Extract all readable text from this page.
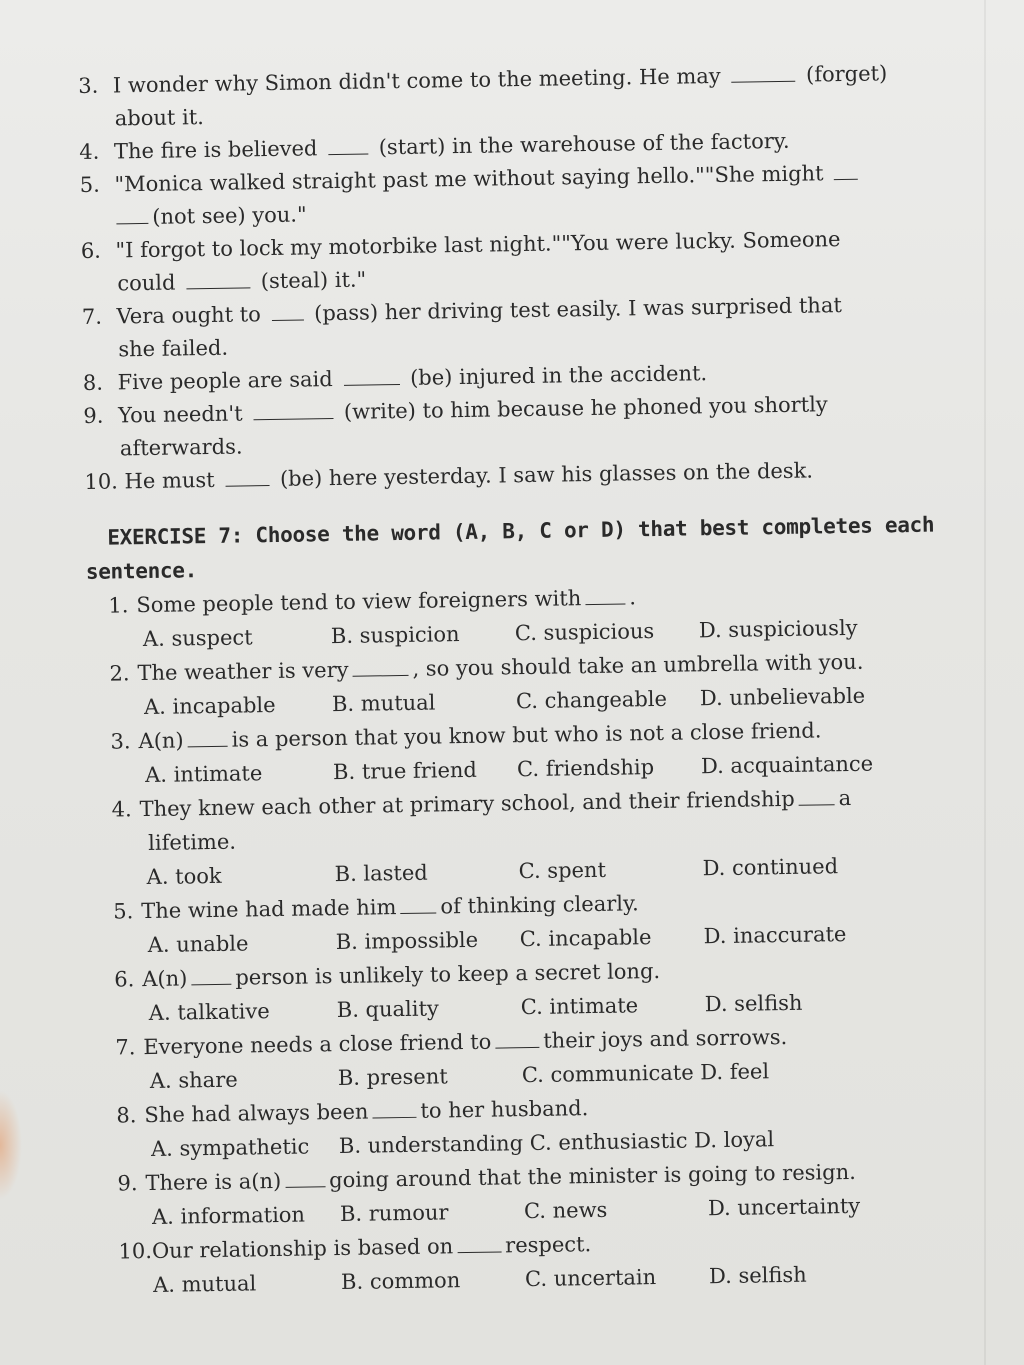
3. I wonder why Simon didn't come to the meeting. He may	(forget)
about it.
4. The fire is believed	(start) in the warehouse of the factory.
5. "Monica walked straight past me without saying hello.""She might
(not see) you."
6. "I forgot to lock my motorbike last night.""You were lucky. Someone
could	(steal) it."
7. Vera ought to	(pass) her driving test easily. I was surprised that
she failed.
8. Five people are said	(be) injured in the accident.
9. You needn't	(write) to him because he phoned you shortly
afterwards.
10. He must	(be) here yesterday. I saw his glasses on the desk.
EXERCISE 7: Choose the word (A, B, C or D) that best completes each
sentence.
1. Some people tend to view foreigners with .
A. suspect	B. suspicion	C. suspicious	D. suspiciously
2. The weather is very	, so you should take an umbrella with you.
A. incapable	B. mutual	C. changeable	D. unbelievable
3. A(n) is a person that you know but who is not a close friend.
A. intimate	B. true friend	C. friendship	D. acquaintance
4. They knew each other at primary school, and their friendship a
lifetime.
A. took	B. lasted	C. spent	D. continued
5. The wine had made him of thinking clearly.
A. unable	B. impossible	C. incapable	D. inaccurate
6. A(n) person is unlikely to keep a secret long.
A. talkative	B. quality	C. intimate	D. selfish
7. Everyone needs a close friend to their joys and sorrows.
A. share	B. present	C. communicate D. feel
8. She had always been to her husband.
A. sympathetic	B. understanding C. enthusiastic D. loyal
9. There is a(n) going around that the minister is going to resign.
A. information	B. rumour	C. news	D. uncertainty
10.Our relationship is based on respect.
A. mutual	B. common	C. uncertain	D. selfish
